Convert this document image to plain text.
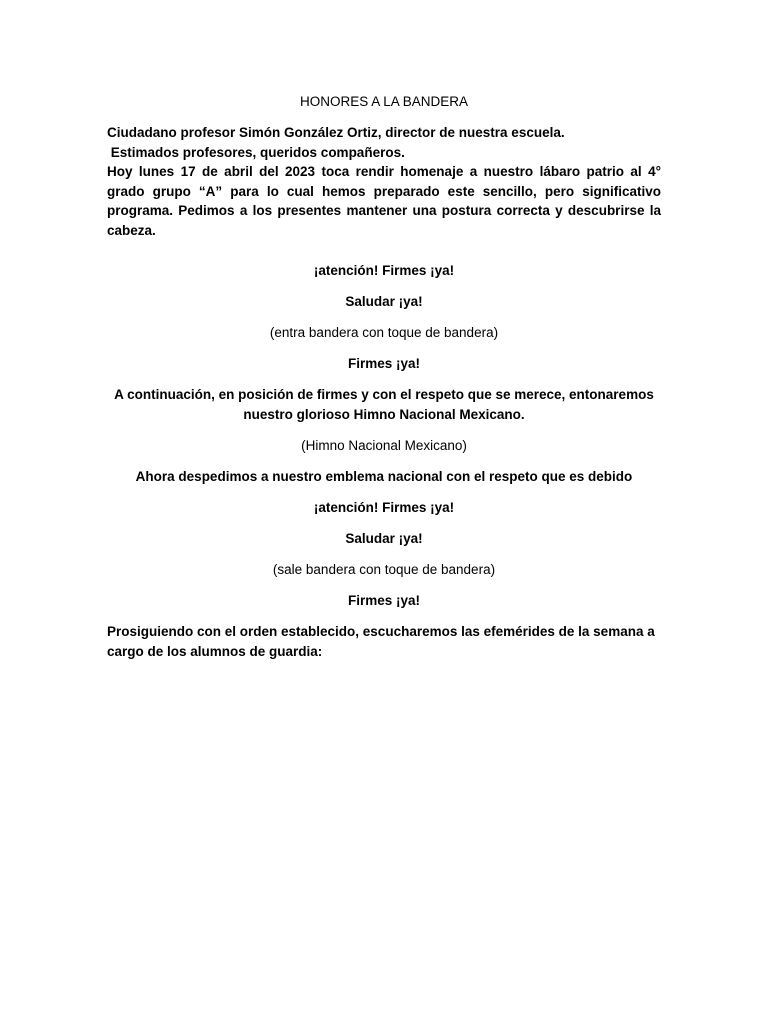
HONORES A LA BANDERA

Ciudadano profesor Simón González Ortiz, director de nuestra escuela.

Estimados profesores, queridos compañeros.

Hoy lunes 17 de abril del 2023 toca rendir homenaje a nuestro lábaro patrio al 4° grado grupo “A” para lo cual hemos preparado este sencillo, pero significativo programa. Pedimos a los presentes mantener una postura correcta y descubrirse la cabeza.

¡atención! Firmes ¡ya!

Saludar ¡ya!

(entra bandera con toque de bandera)

Firmes ¡ya!

A continuación, en posición de firmes y con el respeto que se merece, entonaremos

nuestro glorioso Himno Nacional Mexicano.

(Himno Nacional Mexicano)

Ahora despedimos a nuestro emblema nacional con el respeto que es debido

¡atención! Firmes ¡ya!

Saludar ¡ya!

(sale bandera con toque de bandera)

Firmes ¡ya!

Prosiguiendo con el orden establecido, escucharemos las efemérides de la semana a

cargo de los alumnos de guardia:
